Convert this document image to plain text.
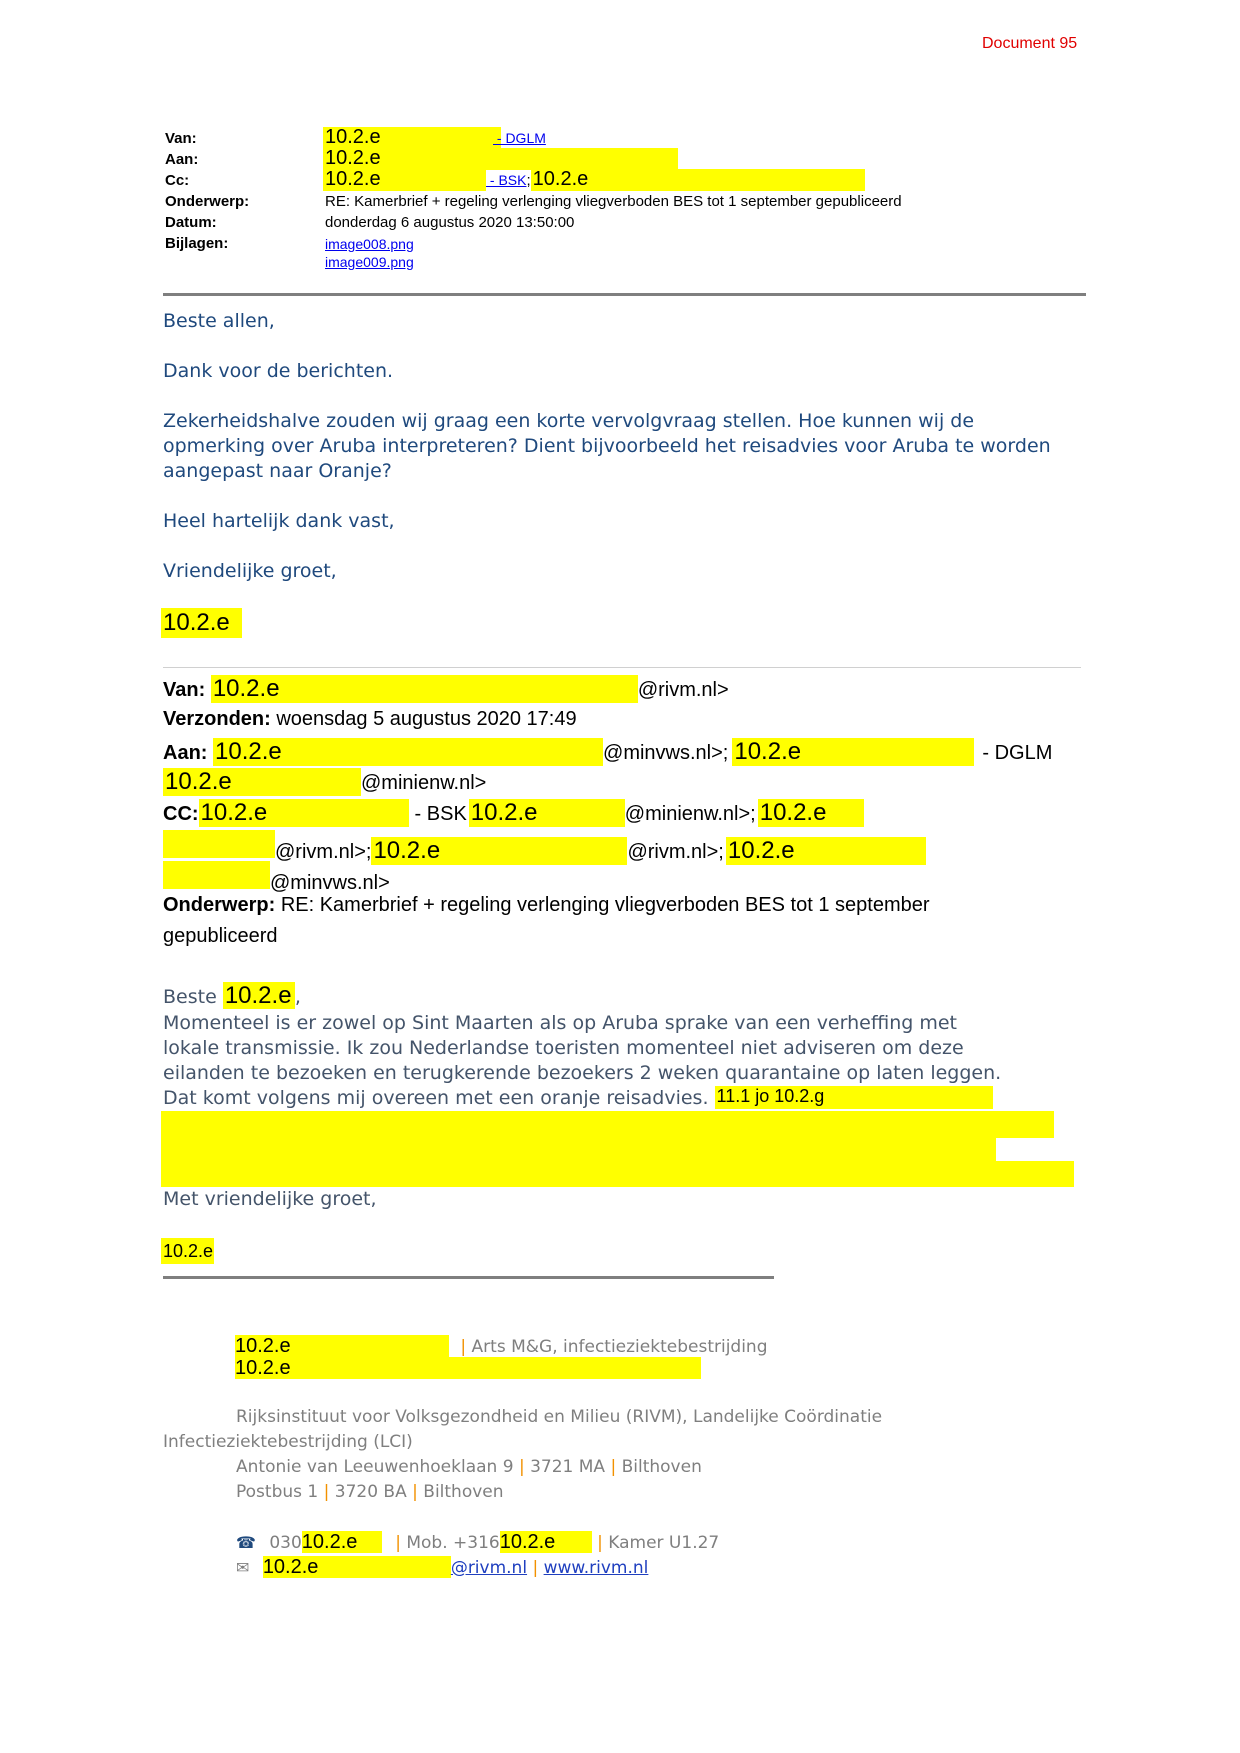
Document 95
Van:	10.2.e	- DGLM
Aan:	10.2.e
Cc:	10.2.e	- BSK; 10.2.e
Onderwerp:	RE: Kamerbrief + regeling verlenging vliegverboden BES tot 1 september gepubliceerd
Datum:	donderdag 6 augustus 2020 13:50:00
Bijlagen:	image008.png
image009.png
Beste allen,
Dank voor de berichten.
Zekerheidshalve zouden wij graag een korte vervolgvraag stellen. Hoe kunnen wij de opmerking over Aruba interpreteren? Dient bijvoorbeeld het reisadvies voor Aruba te worden aangepast naar Oranje?
Heel hartelijk dank vast,
Vriendelijke groet,
10.2.e
Van: 10.2.e	@rivm.nl>
Verzonden: woensdag 5 augustus 2020 17:49
Aan: 10.2.e	@minvws.nl>; 10.2.e	- DGLM
10.2.e	@minienw.nl>
CC:10.2.e	- BSK 10.2.e	@minienw.nl>; 10.2.e
@rivm.nl>;10.2.e	@rivm.nl>; 10.2.e
@minvws.nl>
Onderwerp: RE: Kamerbrief + regeling verlenging vliegverboden BES tot 1 september
gepubliceerd
Beste 10.2.e ,
Momenteel is er zowel op Sint Maarten als op Aruba sprake van een verheffing met
lokale transmissie. Ik zou Nederlandse toeristen momenteel niet adviseren om deze
eilanden te bezoeken en terugkerende bezoekers 2 weken quarantaine op laten leggen.
Dat komt volgens mij overeen met een oranje reisadvies. 11.1 jo 10.2.g
Met vriendelijke groet,
10.2.e
10.2.e	| Arts M&G, infectieziektebestrijding
10.2.e
Rijksinstituut voor Volksgezondheid en Milieu (RIVM), Landelijke Coördinatie
Infectieziektebestrijding (LCI)
Antonie van Leeuwenhoeklaan 9 | 3721 MA | Bilthoven
Postbus 1 | 3720 BA | Bilthoven
☎ 03010.2.e | Mob. +31610.2.e | Kamer U1.27
✉ 10.2.e	@rivm.nl | www.rivm.nl
